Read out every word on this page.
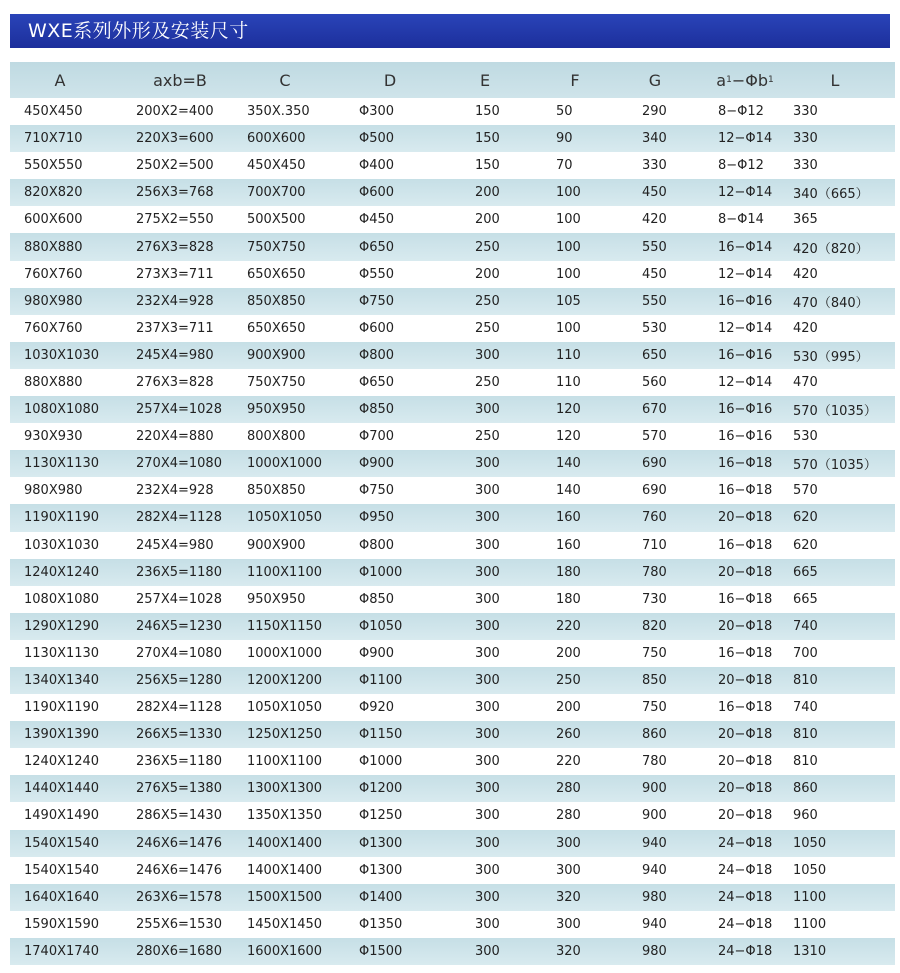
WXE系列外形及安装尺寸
A	axb=B	C	D	E	F	G	a 1 −Φb 1	L
450X450	200X2=400	350X.350	Φ300	150	50	290	8−Φ12 330
710X710	220X3=600	600X600	Φ500	150	90	340	12−Φ14 330
550X550	250X2=500	450X450	Φ400	150	70	330	8−Φ12 330
820X820	256X3=768	700X700	Φ600	200	100	450	12−Φ14 340（665）
600X600	275X2=550	500X500	Φ450	200	100	420	8−Φ14 365
880X880	276X3=828	750X750	Φ650	250	100	550	16−Φ14 420（820）
760X760	273X3=711	650X650	Φ550	200	100	450	12−Φ14 420
980X980	232X4=928	850X850	Φ750	250	105	550	16−Φ16 470（840）
760X760	237X3=711	650X650	Φ600	250	100	530	12−Φ14 420
1030X1030	245X4=980	900X900	Φ800	300	110	650	16−Φ16 530（995）
880X880	276X3=828	750X750	Φ650	250	110	560	12−Φ14 470
1080X1080	257X4=1028 950X950	Φ850	300	120	670	16−Φ16 570（1035）
930X930	220X4=880	800X800	Φ700	250	120	570	16−Φ16 530
1130X1130	270X4=1080 1000X1000	Φ900	300	140	690	16−Φ18 570（1035）
980X980	232X4=928	850X850	Φ750	300	140	690	16−Φ18 570
1190X1190	282X4=1128 1050X1050	Φ950	300	160	760	20−Φ18 620
1030X1030	245X4=980	900X900	Φ800	300	160	710	16−Φ18 620
1240X1240	236X5=1180 1100X1100	Φ1000	300	180	780	20−Φ18 665
1080X1080	257X4=1028 950X950	Φ850	300	180	730	16−Φ18 665
1290X1290	246X5=1230 1150X1150	Φ1050	300	220	820	20−Φ18 740
1130X1130	270X4=1080 1000X1000	Φ900	300	200	750	16−Φ18 700
1340X1340	256X5=1280 1200X1200	Φ1100	300	250	850	20−Φ18 810
1190X1190	282X4=1128 1050X1050	Φ920	300	200	750	16−Φ18 740
1390X1390	266X5=1330 1250X1250	Φ1150	300	260	860	20−Φ18 810
1240X1240	236X5=1180 1100X1100	Φ1000	300	220	780	20−Φ18 810
1440X1440	276X5=1380 1300X1300	Φ1200	300	280	900	20−Φ18 860
1490X1490	286X5=1430 1350X1350	Φ1250	300	280	900	20−Φ18 960
1540X1540	246X6=1476 1400X1400	Φ1300	300	300	940	24−Φ18 1050
1540X1540	246X6=1476 1400X1400	Φ1300	300	300	940	24−Φ18 1050
1640X1640	263X6=1578 1500X1500	Φ1400	300	320	980	24−Φ18 1100
1590X1590	255X6=1530 1450X1450	Φ1350	300	300	940	24−Φ18 1100
1740X1740	280X6=1680 1600X1600	Φ1500	300	320	980	24−Φ18 1310
